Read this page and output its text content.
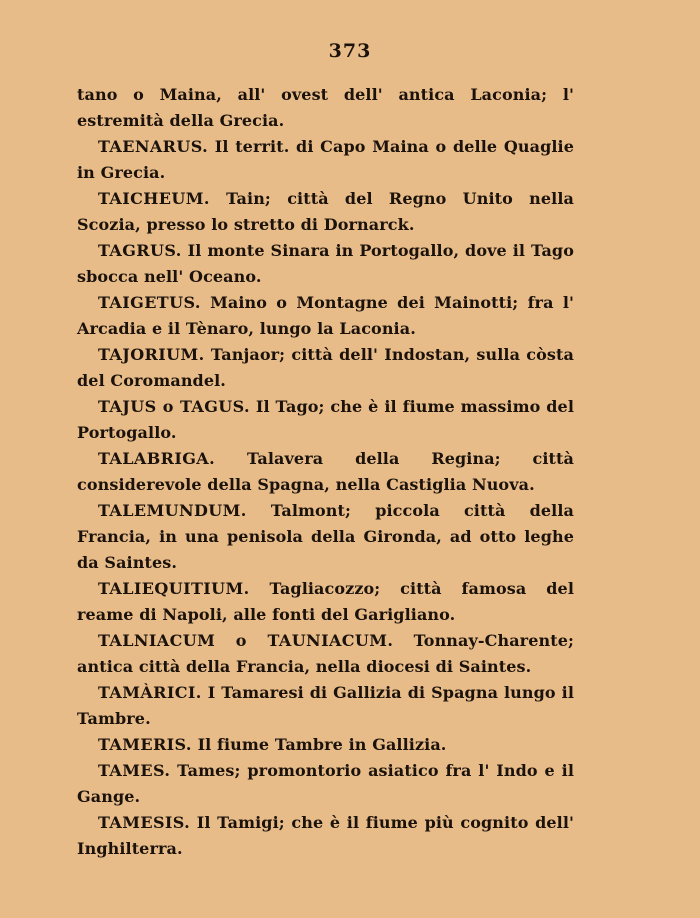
373

tano o Maina, all' ovest dell' antica Laconia; l' estremità della Grecia.

TAENARUS. Il territ. di Capo Maina o delle Quaglie in Grecia.

TAICHEUM. Tain; città del Regno Unito nella Scozia, presso lo stretto di Dornarck.

TAGRUS. Il monte Sinara in Portogallo, dove il Tago sbocca nell' Oceano.

TAIGETUS. Maino o Montagne dei Mainotti; fra l' Arcadia e il Tènaro, lungo la Laconia.

TAJORIUM. Tanjaor; città dell' Indostan, sulla còsta del Coromandel.

TAJUS o TAGUS. Il Tago; che è il fiume massimo del Portogallo.

TALABRIGA. Talavera della Regina; città considerevole della Spagna, nella Castiglia Nuova.

TALEMUNDUM. Talmont; piccola città della Francia, in una penisola della Gironda, ad otto leghe da Saintes.

TALIEQUITIUM. Tagliacozzo; città famosa del reame di Napoli, alle fonti del Garigliano.

TALNIACUM o TAUNIACUM. Tonnay-Charente; antica città della Francia, nella diocesi di Saintes.

TAMÀRICI. I Tamaresi di Gallizia di Spagna lungo il Tambre.

TAMERIS. Il fiume Tambre in Gallizia.

TAMES. Tames; promontorio asiatico fra l' Indo e il Gange.

TAMESIS. Il Tamigi; che è il fiume più cognito dell' Inghilterra.
